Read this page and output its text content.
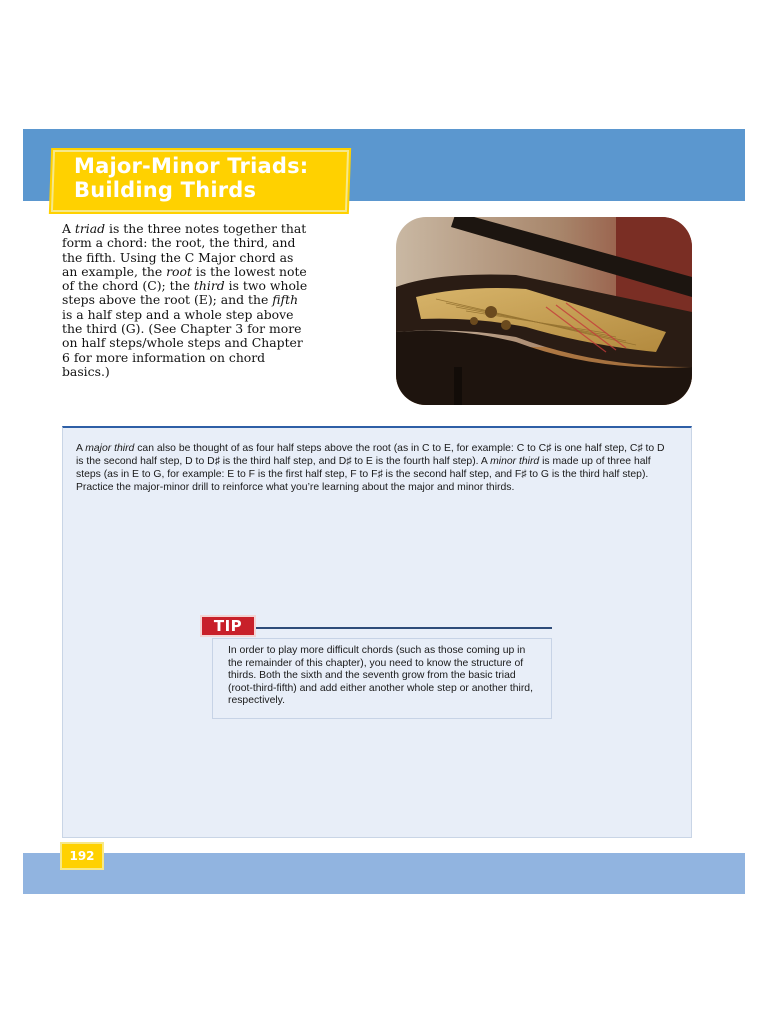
Major-Minor Triads:
Building Thirds

A triad is the three notes together that form a chord: the root, the third, and the fifth. Using the C Major chord as an example, the root is the lowest note of the chord (C); the third is two whole steps above the root (E); and the fifth is a half step and a whole step above the third (G). (See Chapter 3 for more on half steps/whole steps and Chapter 6 for more information on chord basics.)

A major third can also be thought of as four half steps above the root (as in C to E, for example: C to C♯ is one half step, C♯ to D is the second half step, D to D♯ is the third half step, and D♯ to E is the fourth half step). A minor third is made up of three half steps (as in E to G, for example: E to F is the first half step, F to F♯ is the second half step, and F♯ to G is the third half step). Practice the major-minor drill to reinforce what you’re learning about the major and minor thirds.

TIP

In order to play more difficult chords (such as those coming up in the remainder of this chapter), you need to know the structure of thirds. Both the sixth and the seventh grow from the basic triad (root-third-fifth) and add either another whole step or another third, respectively.

192
